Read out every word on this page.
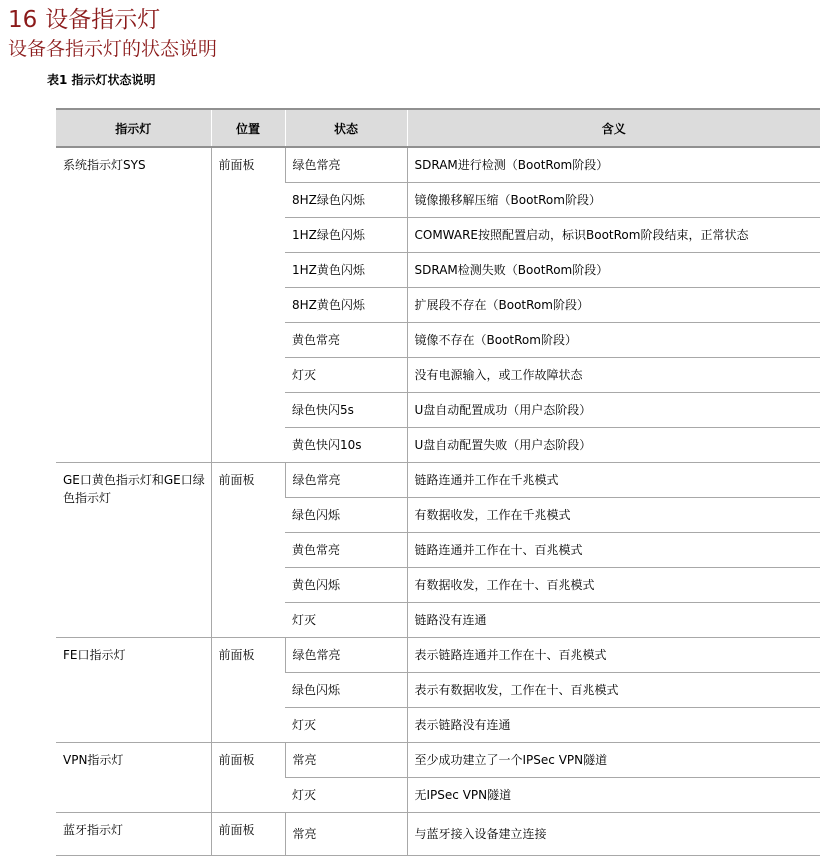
16 设备指示灯
设备各指示灯的状态说明
表1 指示灯状态说明
指示灯	位置	状态	含义
系统指示灯SYS	前面板	绿色常亮	SDRAM进行检测（BootRom阶段）
		8HZ绿色闪烁	镜像搬移解压缩（BootRom阶段）
		1HZ绿色闪烁	COMWARE按照配置启动，标识BootRom阶段结束，正常状态
		1HZ黄色闪烁	SDRAM检测失败（BootRom阶段）
		8HZ黄色闪烁	扩展段不存在（BootRom阶段）
		黄色常亮	镜像不存在（BootRom阶段）
		灯灭	没有电源输入，或工作故障状态
		绿色快闪5s	U盘自动配置成功（用户态阶段）
		黄色快闪10s	U盘自动配置失败（用户态阶段）
GE口黄色指示灯和GE口绿色指示灯	前面板	绿色常亮	链路连通并工作在千兆模式
		绿色闪烁	有数据收发，工作在千兆模式
		黄色常亮	链路连通并工作在十、百兆模式
		黄色闪烁	有数据收发，工作在十、百兆模式
		灯灭	链路没有连通
FE口指示灯	前面板	绿色常亮	表示链路连通并工作在十、百兆模式
		绿色闪烁	表示有数据收发，工作在十、百兆模式
		灯灭	表示链路没有连通
VPN指示灯	前面板	常亮	至少成功建立了一个IPSec VPN隧道
		灯灭	无IPSec VPN隧道
蓝牙指示灯	前面板	常亮	与蓝牙接入设备建立连接
